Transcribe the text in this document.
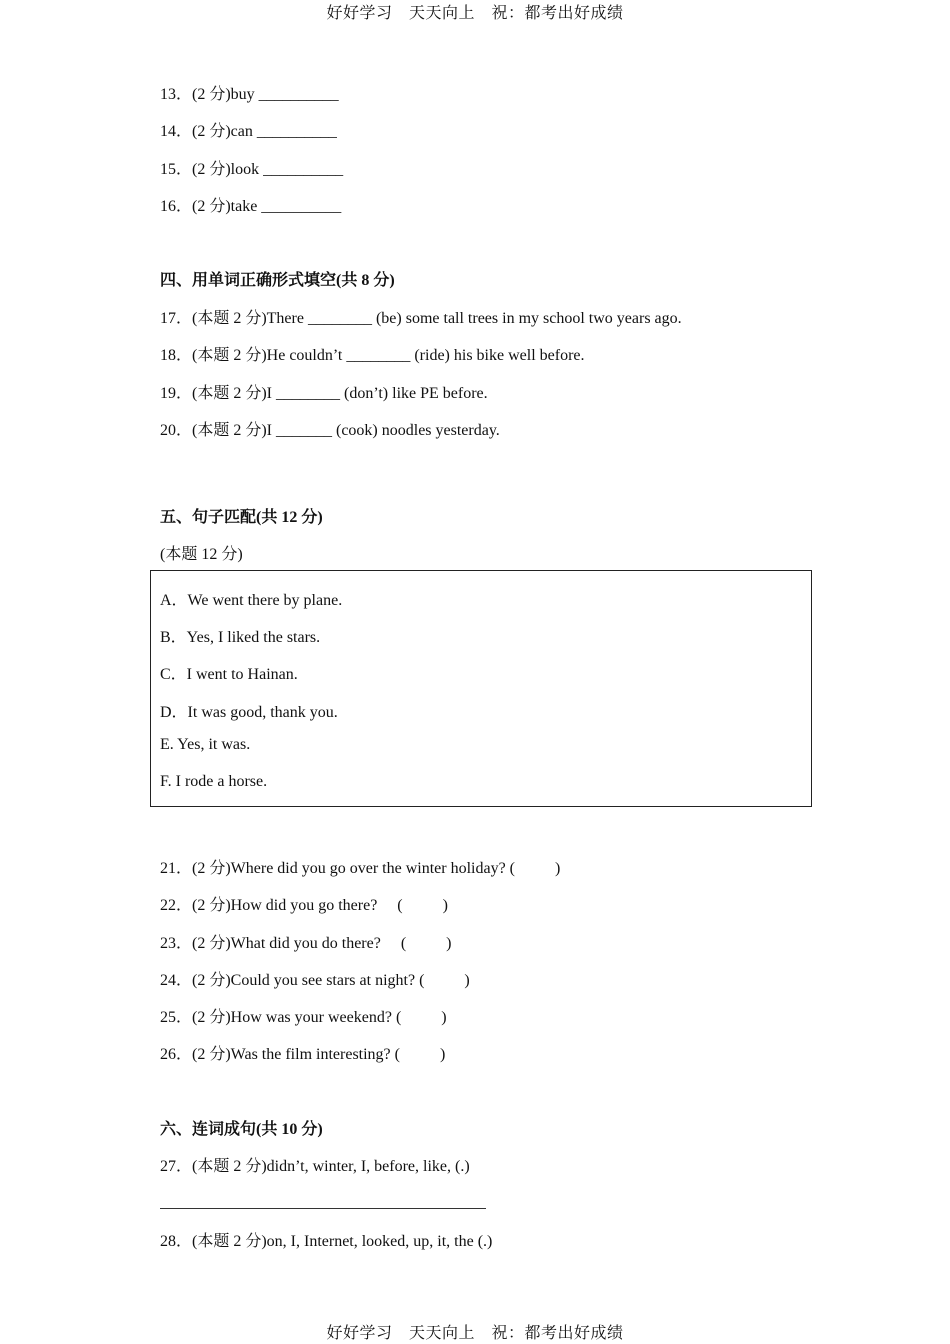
好好学习　天天向上　祝：都考出好成绩
13．(2 分)buy __________
14．(2 分)can __________
15．(2 分)look __________
16．(2 分)take __________
四、用单词正确形式填空(共 8 分)
17．(本题 2 分)There ________ (be) some tall trees in my school two years ago.
18．(本题 2 分)He couldn’t ________ (ride) his bike well before.
19．(本题 2 分)I ________ (don’t) like PE before.
20．(本题 2 分)I _______ (cook) noodles yesterday.
五、句子匹配(共 12 分)
(本题 12 分)
A．We went there by plane.
B．Yes, I liked the stars.
C．I went to Hainan.
D．It was good, thank you.
E. Yes, it was.
F. I rode a horse.
21．(2 分)Where did you go over the winter holiday? (          )
22．(2 分)How did you go there?     (          )
23．(2 分)What did you do there?     (          )
24．(2 分)Could you see stars at night? (          )
25．(2 分)How was your weekend? (          )
26．(2 分)Was the film interesting? (          )
六、连词成句(共 10 分)
27．(本题 2 分)didn’t, winter, I, before, like, (.)
28．(本题 2 分)on, I, Internet, looked, up, it, the (.)
好好学习　天天向上　祝：都考出好成绩
